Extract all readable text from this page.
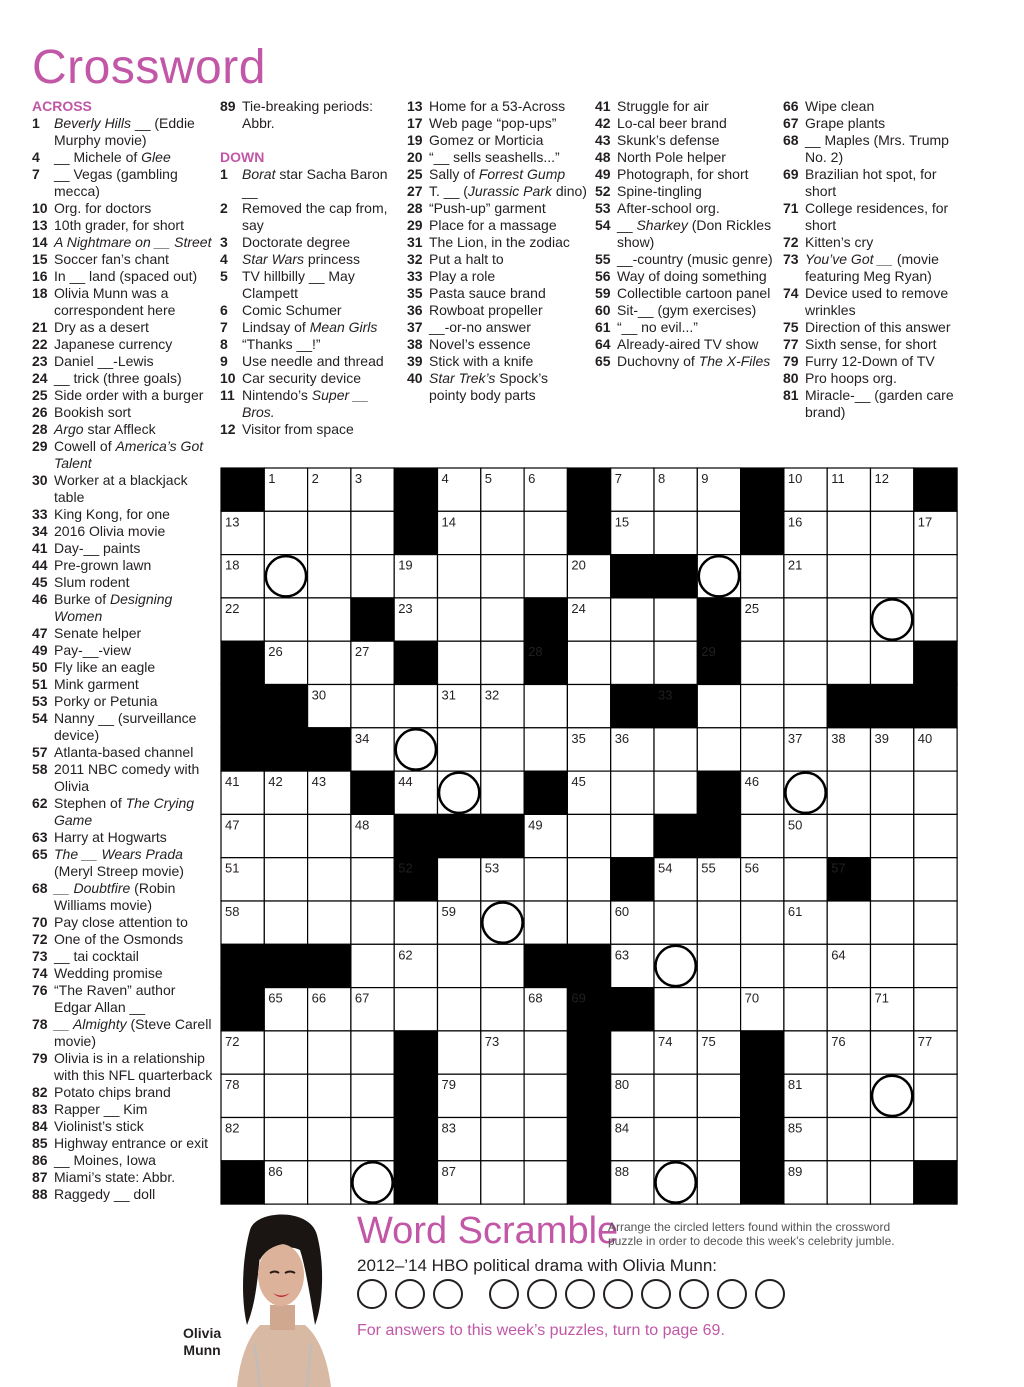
Crossword
ACROSS
1	Beverly Hills __ (Eddie Murphy movie)
4	__ Michele of Glee
7	__ Vegas (gambling mecca)
10 Org. for doctors
13 10th grader, for short
14 A Nightmare on __ Street
15 Soccer fan’s chant
16 In __ land (spaced out)
18 Olivia Munn was a correspondent here
21 Dry as a desert
22 Japanese currency
23 Daniel __-Lewis
24 __ trick (three goals)
25 Side order with a burger
26 Bookish sort
28 Argo star Affleck
29 Cowell of America’s Got Talent
30 Worker at a blackjack table
33 King Kong, for one
34 2016 Olivia movie
41 Day-__ paints
44 Pre-grown lawn
45 Slum rodent
46 Burke of Designing Women
47 Senate helper
49 Pay-__-view
50 Fly like an eagle
51 Mink garment
53 Porky or Petunia
54 Nanny __ (surveillance device)
57 Atlanta-based channel
58 2011 NBC comedy with Olivia
62 Stephen of The Crying Game
63 Harry at Hogwarts
65 The __ Wears Prada (Meryl Streep movie)
68 __ Doubtfire (Robin Williams movie)
70 Pay close attention to
72 One of the Osmonds
73 __ tai cocktail
74 Wedding promise
76 “The Raven” author Edgar Allan __
78 __ Almighty (Steve Carell movie)
79 Olivia is in a relationship with this NFL quarterback
82 Potato chips brand
83 Rapper __ Kim
84 Violinist’s stick
85 Highway entrance or exit
86 __ Moines, Iowa
87 Miami’s state: Abbr.
88 Raggedy __ doll
89 Tie-breaking periods: Abbr.
DOWN
1	Borat star Sacha Baron __
2	Removed the cap from, say
3	Doctorate degree
4	Star Wars princess
5	TV hillbilly __ May Clampett
6	Comic Schumer
7	Lindsay of Mean Girls
8	“Thanks __!”
9	Use needle and thread
10 Car security device
11 Nintendo’s Super __ Bros.
12 Visitor from space
13 Home for a 53-Across
17 Web page “pop-ups”
19 Gomez or Morticia
20 “__ sells seashells...”
25 Sally of Forrest Gump
27 T. __ (Jurassic Park dino)
28 “Push-up” garment
29 Place for a massage
31 The Lion, in the zodiac
32 Put a halt to
33 Play a role
35 Pasta sauce brand
36 Rowboat propeller
37 __-or-no answer
38 Novel’s essence
39 Stick with a knife
40 Star Trek’s Spock’s pointy body parts
41 Struggle for air
42 Lo-cal beer brand
43 Skunk’s defense
48 North Pole helper
49 Photograph, for short
52 Spine-tingling
53 After-school org.
54 __ Sharkey (Don Rickles show)
55 __-country (music genre)
56 Way of doing something
59 Collectible cartoon panel
60 Sit-__ (gym exercises)
61 “__ no evil...”
64 Already-aired TV show
65 Duchovny of The X-Files
66 Wipe clean
67 Grape plants
68 __ Maples (Mrs. Trump No. 2)
69 Brazilian hot spot, for short
71 College residences, for short
72 Kitten’s cry
73 You’ve Got __ (movie featuring Meg Ryan)
74 Device used to remove wrinkles
75 Direction of this answer
77 Sixth sense, for short
79 Furry 12-Down of TV
80 Pro hoops org.
81 Miracle-__ (garden care brand)
1	2	3	4	5	6	7	8	9	10 11 12
13	14	15	16	17
18	19	20	21
22	23	24	25
26	27	28	29
30	31 32	33
34	35 36	37 38 39 40
41 42 43	44	45	46
47	48	49	50
51	52	53	54 55 56	57
58	59	60	61
62	63	64
65 66 67	68 69	70	71
72	73	74 75	76	77
78	79	80	81
82	83	84	85
86	87	88	89
Olivia
Munn
Word Scramble
Arrange the circled letters found within the crossword puzzle in order to decode this week’s celebrity jumble.
2012–’14 HBO political drama with Olivia Munn:
For answers to this week’s puzzles, turn to page 69.
